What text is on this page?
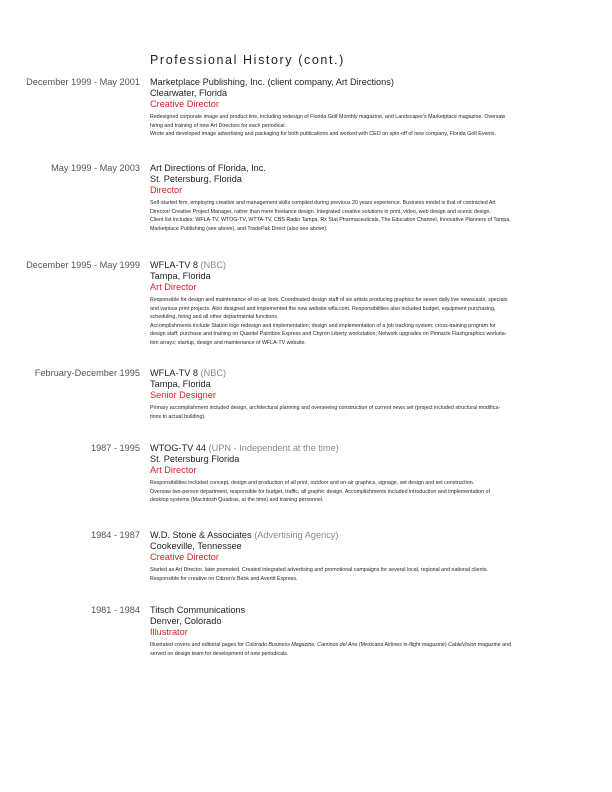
Professional History (cont.)
December 1999 - May 2001 Marketplace Publishing, Inc. (client company, Art Directions)
Clearwater, Florida
Creative Director

Redesigned corporate image and product line, including redesign of Florida Golf Monthly magazine, and Landscaper's Marketplace magazine. Oversaw

hiring and training of new Art Directors for each periodical.

Wrote and developed image advertising and packaging for both publications and worked with CEO on spin-off of new company, Florida Golf Events.

May 1999 - May 2003 Art Directions of Florida, Inc.
St. Petersburg, Florida
Director

Self-started firm, employing creative and management skills compiled during previous 20 years experience. Business model is that of contracted Art

Director/ Creative Project Manager, rather than mere freelance design. Integrated creative solutions in print, video, web design and scenic design.

Client list includes: WFLA-TV, WTOG-TV, WTTA-TV, CBS Radio Tampa, Rx Stat Pharmaceuticals, The Education Channel, Innovative Planners of Tampa,

Marketplace Publishing (see above), and TradePak Direct (also see above).

December 1995 - May 1999 WFLA-TV 8 (NBC)
Tampa, Florida
Art Director

Responsible for design and maintenance of on-air look. Coordinated design staff of six artists producing graphics for seven daily live newscasts, specials

and various print projects. Also designed and implemented the new website wfla.com. Responsibilities also included budget, equipment purchasing,

scheduling, hiring and all other departmental functions.

Accomplishments include Station logo redesign and implementation; design and implementation of a job tracking system; cross-training program for

design staff; purchase and training on Quantel Paintbox Express and Chyron Liberty workstation; Network upgrades on Pinnacle Flashgraphics worksta-

tion arrays; startup, design and maintenance of WFLA-TV website.

February-December 1995 WFLA-TV 8 (NBC)
Tampa, Florida
Senior Designer

Primary accomplishment included design, architectural planning and overseeing construction of current news set (project included structural modifica-

tions to actual building).

1987 - 1995 WTOG-TV 44 (UPN - Independent at the time)
St. Petersburg Florida
Art Director

Responsibilities included concept, design and production of all print, outdoor and on-air graphics, signage, set design and set construction.

Oversaw two-person department, responsible for budget, traffic, all graphic design. Accomplishments included introduction and implementation of

desktop systems (Macintosh Quadras, at the time) and training personnel.

1984 - 1987 W.D. Stone & Associates (Advertising Agency)
Cookeville, Tennessee
Creative Director

Started as Art Director, later promoted. Created integrated advertising and promotional campaigns for several local, regional and national clients.

Responsible for creative on Citizen's Bank and Averitt Express.

1981 - 1984 Titsch Communications
Denver, Colorado
Illustrator

Illustrated covers and editorial pages for Colorado Business Magazine, Caminos del Aire (Mexicana Airlines in-flight magazine) CableVision magazine and

served on design team for development of new periodicals.
